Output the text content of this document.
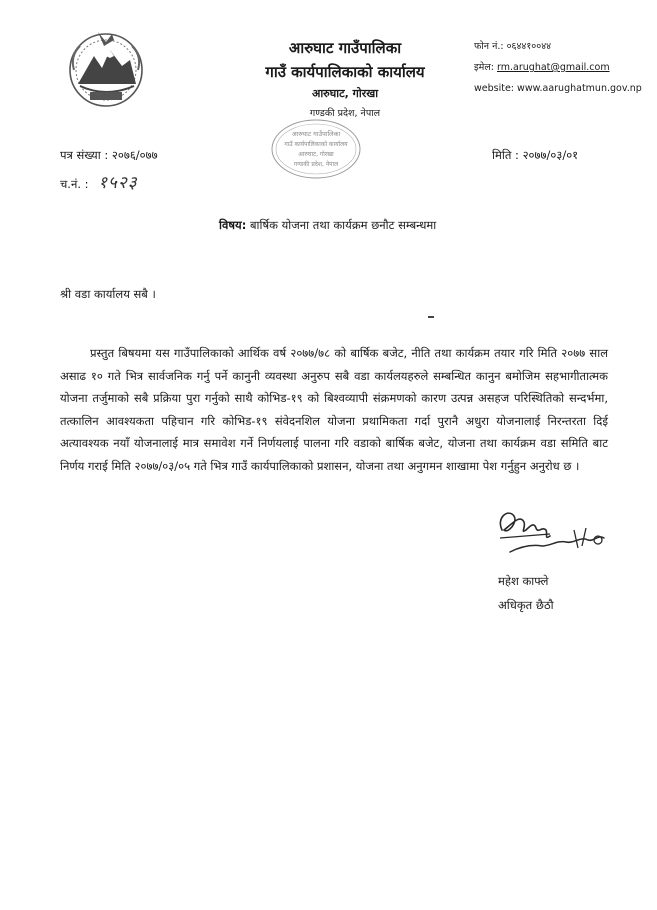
आरुघाट गाउँपालिका
गाउँ कार्यपालिकाको कार्यालय
आरुघाट, गोरखा
गण्डकी प्रदेश, नेपाल
फोन नं.: ०६४४१००४४
इमेल: rm.arughat@gmail.com
website: www.aarughatmun.gov.np
आरुघाट गाउँपालिका
गाउँ कार्यपालिकाको कार्यालय
आरुघाट, गोरखा
गण्डकी प्रदेश, नेपाल
पत्र संख्या : २०७६/०७७	मिति : २०७७/०३/०१
च.नं. : १५२३
विषय: बार्षिक योजना तथा कार्यक्रम छनौट सम्बन्धमा
श्री वडा कार्यालय सबै ।
प्रस्तुत बिषयमा यस गाउँपालिकाको आर्थिक वर्ष २०७७/७८ को बार्षिक बजेट, नीति तथा कार्यक्रम तयार गरि मिति २०७७ साल असाढ १० गते भित्र सार्वजनिक गर्नु पर्ने कानुनी व्यवस्था अनुरुप सबै वडा कार्यलयहरुले सम्बन्धित कानुन बमोजिम सहभागीतात्मक योजना तर्जुमाको सबै प्रक्रिया पुरा गर्नुको साथै कोभिड-१९ को बिश्वव्यापी संक्रमणको कारण उत्पन्न असहज परिस्थितिको सन्दर्भमा, तत्कालिन आवश्यकता पहिचान गरि कोभिड-१९ संवेदनशिल योजना प्रथामिकता गर्दा पुरानै अधुरा योजनालाई निरन्तरता दिई अत्यावश्यक नयाँ योजनालाई मात्र समावेश गर्ने निर्णयलाई पालना गरि वडाको बार्षिक बजेट, योजना तथा कार्यक्रम वडा समिति बाट निर्णय गराई मिति २०७७/०३/०५ गते भित्र गाउँ कार्यपालिकाको प्रशासन, योजना तथा अनुगमन शाखामा पेश गर्नुहुन अनुरोध छ ।
महेश काफ्ले
अधिकृत छैठौ
